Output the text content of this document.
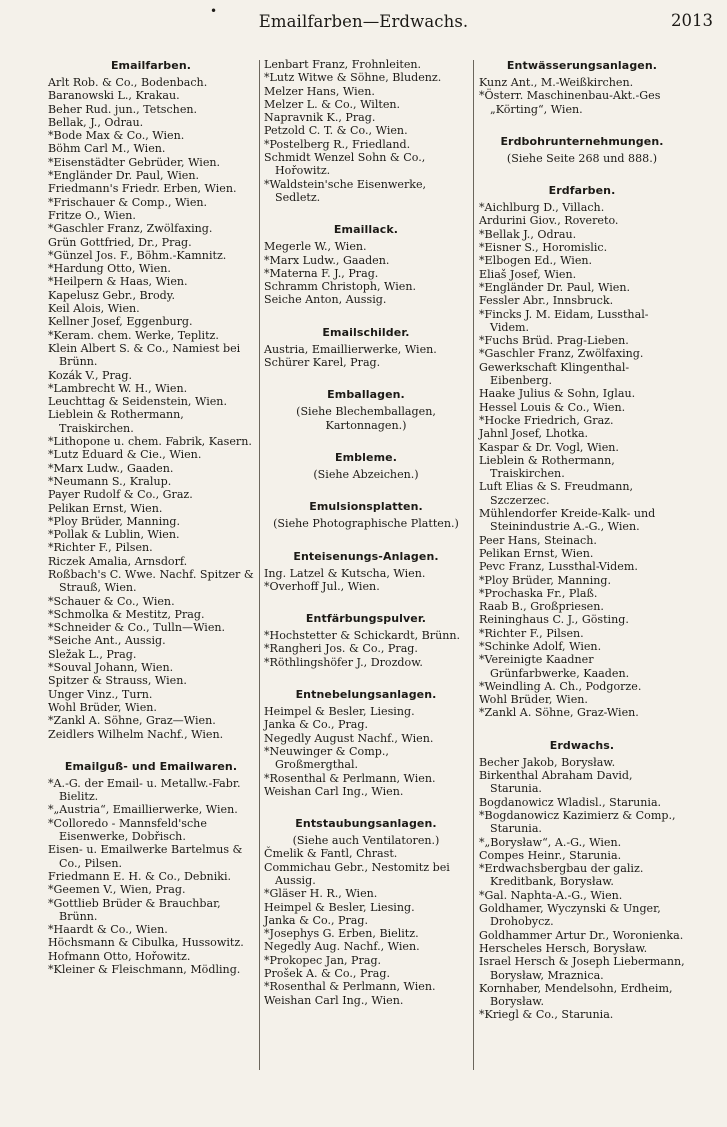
•
Emailfarben—Erdwachs.	2013
Emailfarben.
Arlt Rob. & Co., Bodenbach.
Baranowski L., Krakau.
Beher Rud. jun., Tetschen.
Bellak, J., Odrau.
*Bode Max & Co., Wien.
Böhm Carl M., Wien.
*Eisenstädter Gebrüder, Wien.
*Engländer Dr. Paul, Wien.
Friedmann's Friedr. Erben, Wien.
*Frischauer & Comp., Wien.
Fritze O., Wien.
*Gaschler Franz, Zwölfaxing.
Grün Gottfried, Dr., Prag.
*Günzel Jos. F., Böhm.-Kamnitz.
*Hardung Otto, Wien.
*Heilpern & Haas, Wien.
Kapelusz Gebr., Brody.
Keil Alois, Wien.
Kellner Josef, Eggenburg.
*Keram. chem. Werke, Teplitz.
Klein Albert S. & Co., Namiest bei Brünn.
Kozák V., Prag.
*Lambrecht W. H., Wien.
Leuchttag & Seidenstein, Wien.
Lieblein & Rothermann, Traiskirchen.
*Lithopone u. chem. Fabrik, Kasern.
*Lutz Eduard & Cie., Wien.
*Marx Ludw., Gaaden.
*Neumann S., Kralup.
Payer Rudolf & Co., Graz.
Pelikan Ernst, Wien.
*Ploy Brüder, Manning.
*Pollak & Lublin, Wien.
*Richter F., Pilsen.
Riczek Amalia, Arnsdorf.
Roßbach's C. Wwe. Nachf. Spitzer & Strauß, Wien.
*Schauer & Co., Wien.
*Schmolka & Mestitz, Prag.
*Schneider & Co., Tulln—Wien.
*Seiche Ant., Aussig.
Sležak L., Prag.
*Souval Johann, Wien.
Spitzer & Strauss, Wien.
Unger Vinz., Turn.
Wohl Brüder, Wien.
*Zankl A. Söhne, Graz—Wien.
Zeidlers Wilhelm Nachf., Wien.
Emailguß- und Emailwaren.
*A.-G. der Email- u. Metallw.-Fabr. Bielitz.
*„Austria“, Emaillierwerke, Wien.
*Colloredo - Mannsfeld'sche Eisenwerke, Dobřisch.
Eisen- u. Emailwerke Bartelmus & Co., Pilsen.
Friedmann E. H. & Co., Debniki.
*Geemen V., Wien, Prag.
*Gottlieb Brüder & Brauchbar, Brünn.
*Haardt & Co., Wien.
Höchsmann & Cibulka, Hussowitz.
Hofmann Otto, Hořowitz.
*Kleiner & Fleischmann, Mödling.
Lenbart Franz, Frohnleiten.
*Lutz Witwe & Söhne, Bludenz.
Melzer Hans, Wien.
Melzer L. & Co., Wilten.
Napravnik K., Prag.
Petzold C. T. & Co., Wien.
*Postelberg R., Friedland.
Schmidt Wenzel Sohn & Co., Hořowitz.
*Waldstein'sche Eisenwerke, Sedletz.
Emaillack.
Megerle W., Wien.
*Marx Ludw., Gaaden.
*Materna F. J., Prag.
Schramm Christoph, Wien.
Seiche Anton, Aussig.
Emailschilder.
Austria, Emaillierwerke, Wien.
Schürer Karel, Prag.
Emballagen.
(Siehe Blechemballagen, Kartonnagen.)
Embleme.
(Siehe Abzeichen.)
Emulsionsplatten.
(Siehe Photographische Platten.)
Enteisenungs-Anlagen.
Ing. Latzel & Kutscha, Wien.
*Overhoff Jul., Wien.
Entfärbungspulver.
*Hochstetter & Schickardt, Brünn.
*Rangheri Jos. & Co., Prag.
*Röthlingshöfer J., Drozdow.
Entnebelungsanlagen.
Heimpel & Besler, Liesing.
Janka & Co., Prag.
Negedly August Nachf., Wien.
*Neuwinger & Comp., Großmergthal.
*Rosenthal & Perlmann, Wien.
Weishan Carl Ing., Wien.
Entstaubungsanlagen.
(Siehe auch Ventilatoren.)
Čmelik & Fantl, Chrast.
Commichau Gebr., Nestomitz bei Aussig.
*Gläser H. R., Wien.
Heimpel & Besler, Liesing.
Janka & Co., Prag.
*Josephys G. Erben, Bielitz.
Negedly Aug. Nachf., Wien.
*Prokopec Jan, Prag.
Prošek A. & Co., Prag.
*Rosenthal & Perlmann, Wien.
Weishan Carl Ing., Wien.
Entwässerungsanlagen.
Kunz Ant., M.-Weißkirchen.
*Österr. Maschinenbau-Akt.-Ges „Körting“, Wien.
Erdbohrunternehmungen.
(Siehe Seite 268 und 888.)
Erdfarben.
*Aichlburg D., Villach.
Ardurini Giov., Rovereto.
*Bellak J., Odrau.
*Eisner S., Horomislic.
*Elbogen Ed., Wien.
Eliaš Josef, Wien.
*Engländer Dr. Paul, Wien.
Fessler Abr., Innsbruck.
*Fincks J. M. Eidam, Lussthal-Videm.
*Fuchs Brüd. Prag-Lieben.
*Gaschler Franz, Zwölfaxing.
Gewerkschaft Klingenthal-Eibenberg.
Haake Julius & Sohn, Iglau.
Hessel Louis & Co., Wien.
*Hocke Friedrich, Graz.
Jahnl Josef, Lhotka.
Kaspar & Dr. Vogl, Wien.
Lieblein & Rothermann, Traiskirchen.
Luft Elias & S. Freudmann, Szczerzec.
Mühlendorfer Kreide-Kalk- und Steinindustrie A.-G., Wien.
Peer Hans, Steinach.
Pelikan Ernst, Wien.
Pevc Franz, Lussthal-Videm.
*Ploy Brüder, Manning.
*Prochaska Fr., Plaß.
Raab B., Großpriesen.
Reininghaus C. J., Gösting.
*Richter F., Pilsen.
*Schinke Adolf, Wien.
*Vereinigte Kaadner Grünfarbwerke, Kaaden.
*Weindling A. Ch., Podgorze.
Wohl Brüder, Wien.
*Zankl A. Söhne, Graz-Wien.
Erdwachs.
Becher Jakob, Borysław.
Birkenthal Abraham David, Starunia.
Bogdanowicz Wladisl., Starunia.
*Bogdanowicz Kazimierz & Comp., Starunia.
*„Borysław“, A.-G., Wien.
Compes Heinr., Starunia.
*Erdwachsbergbau der galiz. Kreditbank, Borysław.
*Gal. Naphta-A.-G., Wien.
Goldhamer, Wyczynski & Unger, Drohobycz.
Goldhammer Artur Dr., Woronienka.
Herscheles Hersch, Borysław.
Israel Hersch & Joseph Liebermann, Borysław, Mraznica.
Kornhaber, Mendelsohn, Erdheim, Borysław.
*Kriegl & Co., Starunia.
